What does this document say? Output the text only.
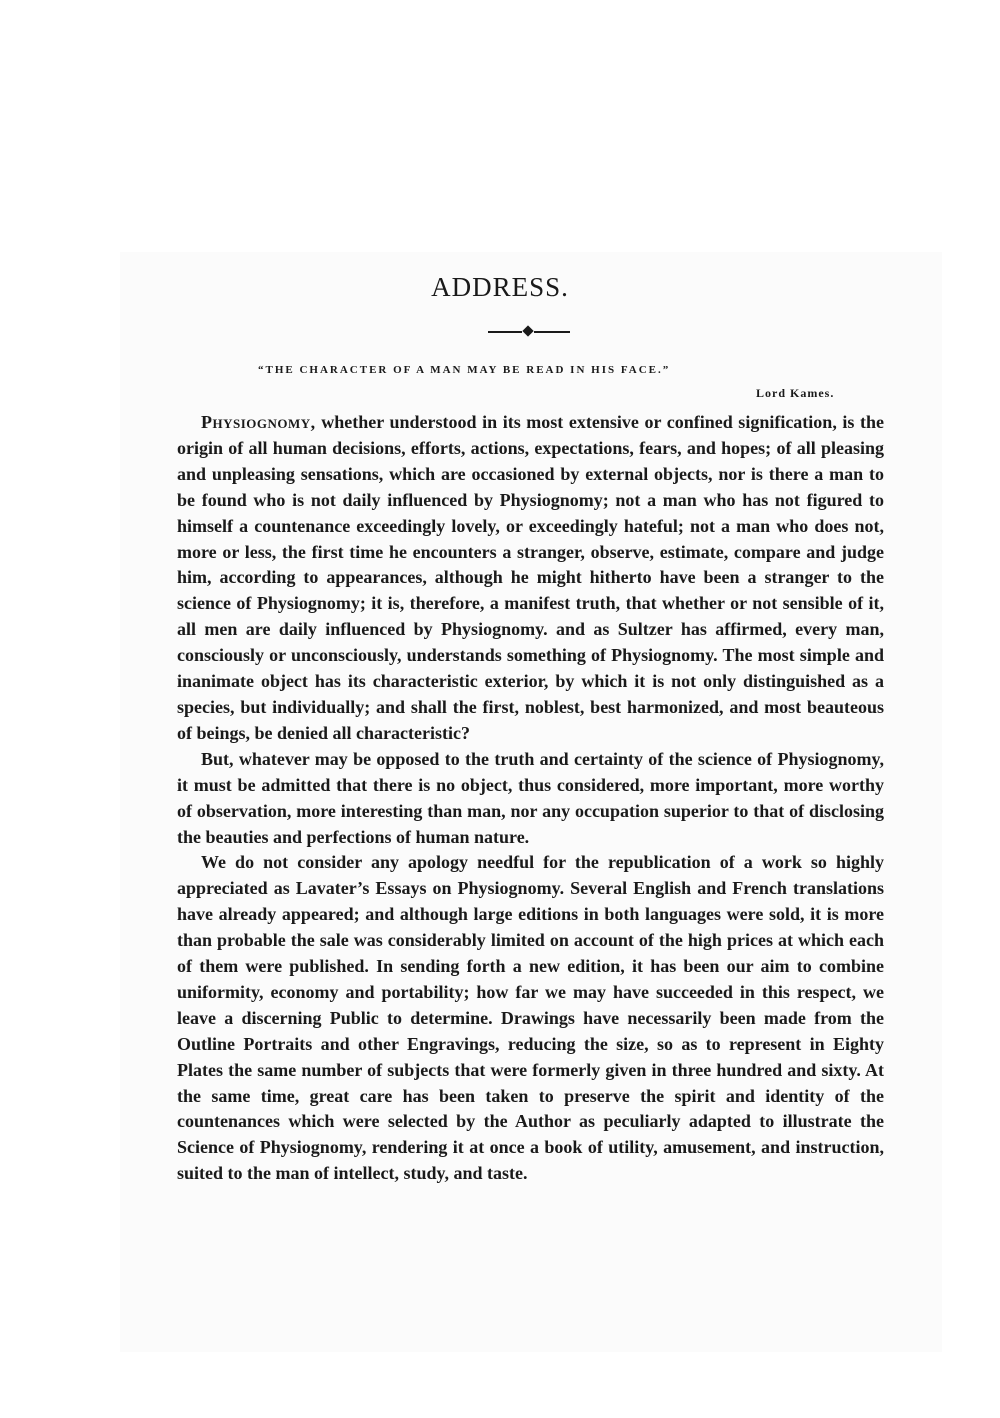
ADDRESS.
“THE CHARACTER OF A MAN MAY BE READ IN HIS FACE.”
Lord Kames.

Physiognomy, whether understood in its most extensive or confined signification, is the origin of all human decisions, efforts, actions, expectations, fears, and hopes; of all pleasing and unpleasing sensations, which are occasioned by external objects, nor is there a man to be found who is not daily influenced by Physiognomy; not a man who has not figured to himself a countenance exceedingly lovely, or exceedingly hateful; not a man who does not, more or less, the first time he encounters a stranger, observe, estimate, compare and judge him, according to appearances, although he might hitherto have been a stranger to the science of Physiognomy; it is, therefore, a manifest truth, that whether or not sensible of it, all men are daily influenced by Physiognomy. and as Sultzer has affirmed, every man, consciously or unconsciously, understands something of Physiognomy. The most simple and inanimate object has its characteristic exterior, by which it is not only distinguished as a species, but individually; and shall the first, noblest, best harmonized, and most beauteous of beings, be denied all characteristic?

But, whatever may be opposed to the truth and certainty of the science of Physiognomy, it must be admitted that there is no object, thus considered, more important, more worthy of observation, more interesting than man, nor any occupation superior to that of disclosing the beauties and perfections of human nature.

We do not consider any apology needful for the republication of a work so highly appreciated as Lavater’s Essays on Physiognomy. Several English and French translations have already appeared; and although large editions in both languages were sold, it is more than probable the sale was considerably limited on account of the high prices at which each of them were published. In sending forth a new edition, it has been our aim to combine uniformity, economy and portability; how far we may have succeeded in this respect, we leave a discerning Public to determine. Drawings have necessarily been made from the Outline Portraits and other Engravings, reducing the size, so as to represent in Eighty Plates the same number of subjects that were formerly given in three hundred and sixty. At the same time, great care has been taken to preserve the spirit and identity of the countenances which were selected by the Author as peculiarly adapted to illustrate the Science of Physiognomy, rendering it at once a book of utility, amusement, and instruction, suited to the man of intellect, study, and taste.
